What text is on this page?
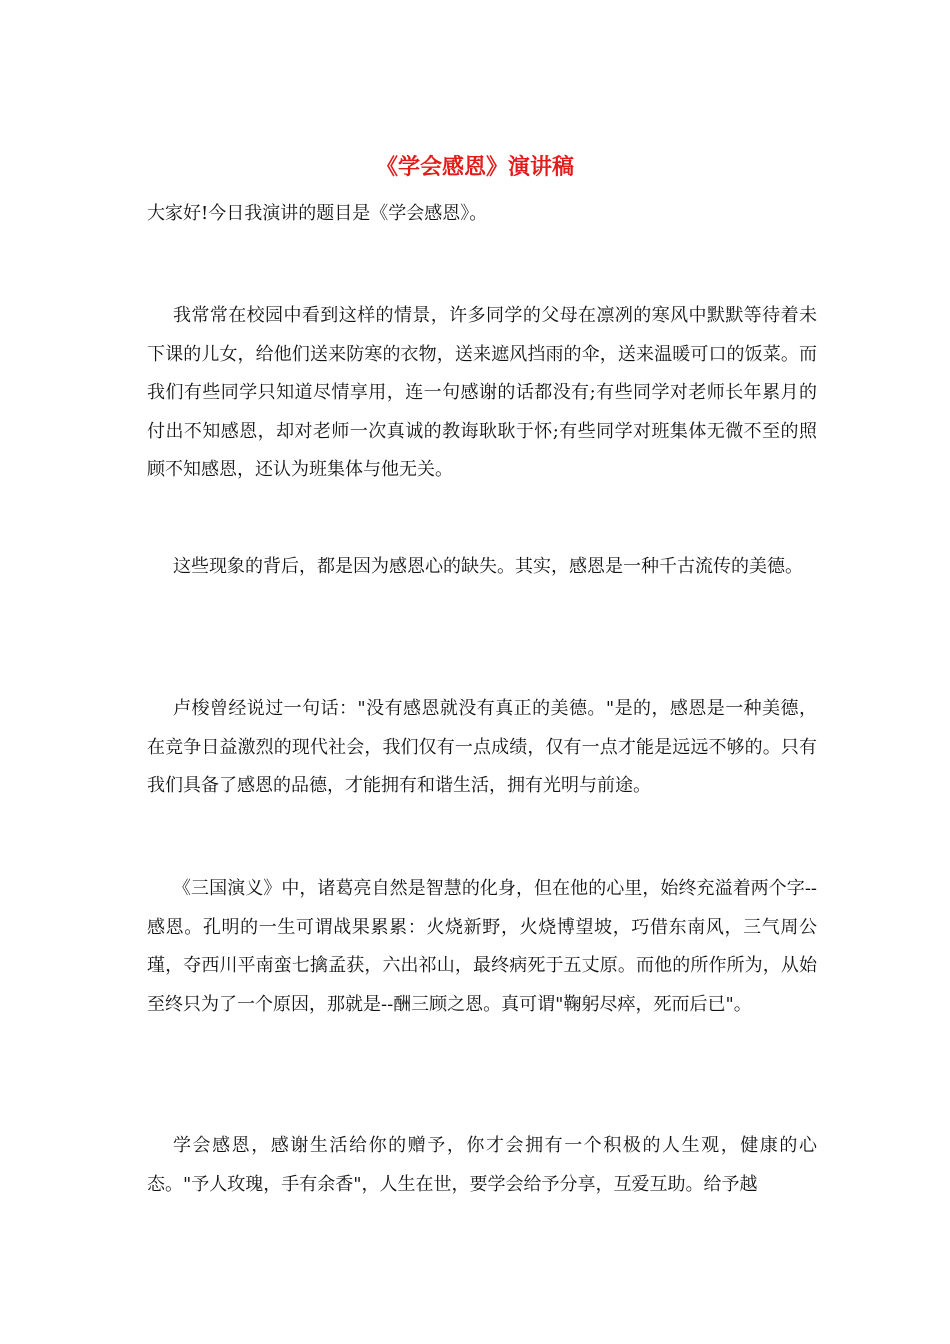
《学会感恩》演讲稿
大家好!今日我演讲的题目是《学会感恩》。

我常常在校园中看到这样的情景，许多同学的父母在凛冽的寒风中默默等待着未下课的儿女，给他们送来防寒的衣物，送来遮风挡雨的伞，送来温暖可口的饭菜。而我们有些同学只知道尽情享用，连一句感谢的话都没有;有些同学对老师长年累月的付出不知感恩，却对老师一次真诚的教诲耿耿于怀;有些同学对班集体无微不至的照顾不知感恩，还认为班集体与他无关。

这些现象的背后，都是因为感恩心的缺失。其实，感恩是一种千古流传的美德。

卢梭曾经说过一句话："没有感恩就没有真正的美德。"是的，感恩是一种美德，在竞争日益激烈的现代社会，我们仅有一点成绩，仅有一点才能是远远不够的。只有我们具备了感恩的品德，才能拥有和谐生活，拥有光明与前途。

《三国演义》中，诸葛亮自然是智慧的化身，但在他的心里，始终充溢着两个字--感恩。孔明的一生可谓战果累累：火烧新野，火烧博望坡，巧借东南风，三气周公瑾，夺西川平南蛮七擒孟获，六出祁山，最终病死于五丈原。而他的所作所为，从始至终只为了一个原因，那就是--酬三顾之恩。真可谓"鞠躬尽瘁，死而后已"。

学会感恩，感谢生活给你的赠予，你才会拥有一个积极的人生观，健康的心态。"予人玫瑰，手有余香"，人生在世，要学会给予分享，互爱互助。给予越
